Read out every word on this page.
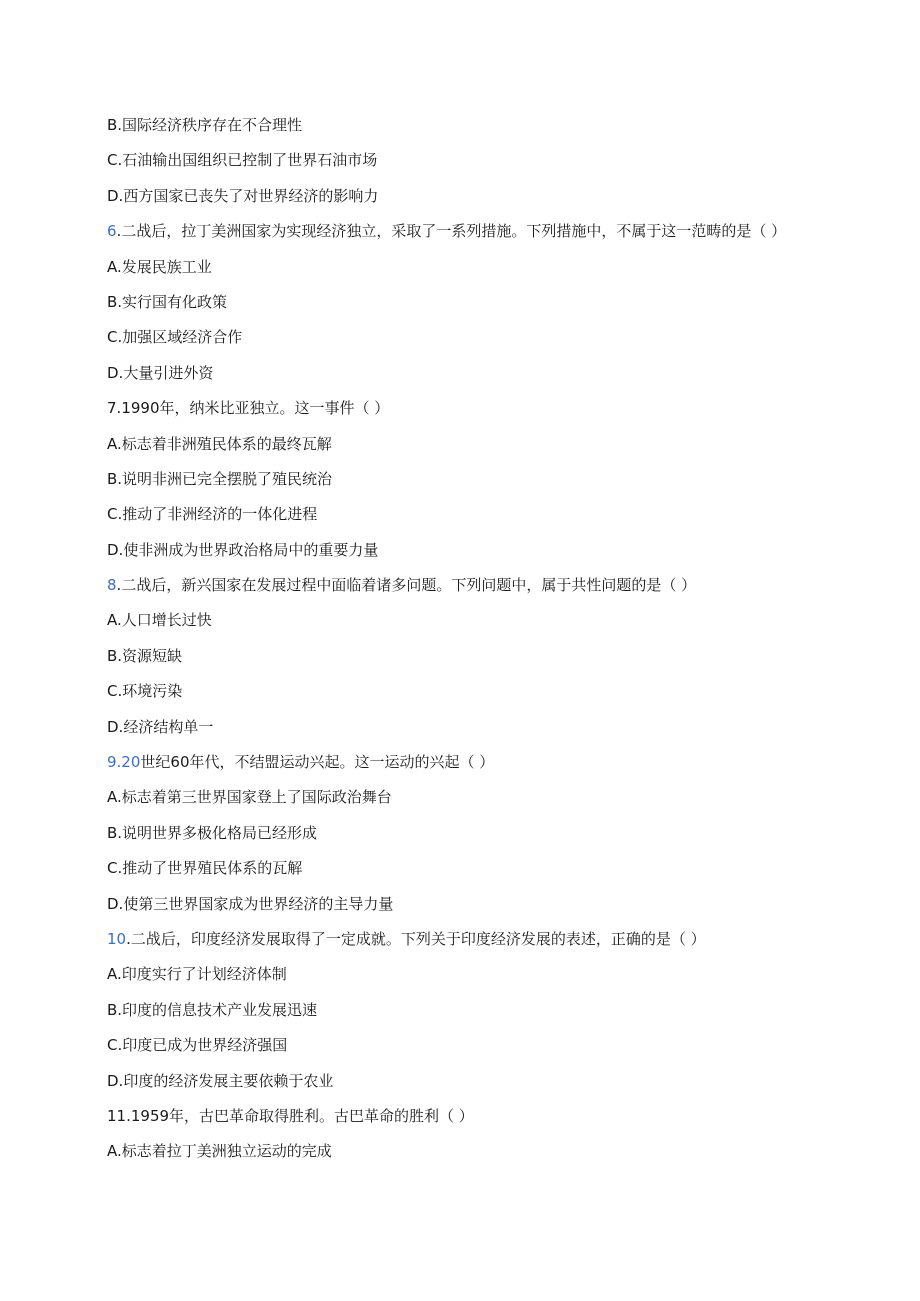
B.国际经济秩序存在不合理性
C.石油输出国组织已控制了世界石油市场
D.西方国家已丧失了对世界经济的影响力
6.二战后，拉丁美洲国家为实现经济独立，采取了一系列措施。下列措施中，不属于这一范畴的是（ ）
A.发展民族工业
B.实行国有化政策
C.加强区域经济合作
D.大量引进外资
7.1990年，纳米比亚独立。这一事件（ ）
A.标志着非洲殖民体系的最终瓦解
B.说明非洲已完全摆脱了殖民统治
C.推动了非洲经济的一体化进程
D.使非洲成为世界政治格局中的重要力量
8.二战后，新兴国家在发展过程中面临着诸多问题。下列问题中，属于共性问题的是（ ）
A.人口增长过快
B.资源短缺
C.环境污染
D.经济结构单一
9.20世纪60年代，不结盟运动兴起。这一运动的兴起（ ）
A.标志着第三世界国家登上了国际政治舞台
B.说明世界多极化格局已经形成
C.推动了世界殖民体系的瓦解
D.使第三世界国家成为世界经济的主导力量
10.二战后，印度经济发展取得了一定成就。下列关于印度经济发展的表述，正确的是（ ）
A.印度实行了计划经济体制
B.印度的信息技术产业发展迅速
C.印度已成为世界经济强国
D.印度的经济发展主要依赖于农业
11.1959年，古巴革命取得胜利。古巴革命的胜利（ ）
A.标志着拉丁美洲独立运动的完成
